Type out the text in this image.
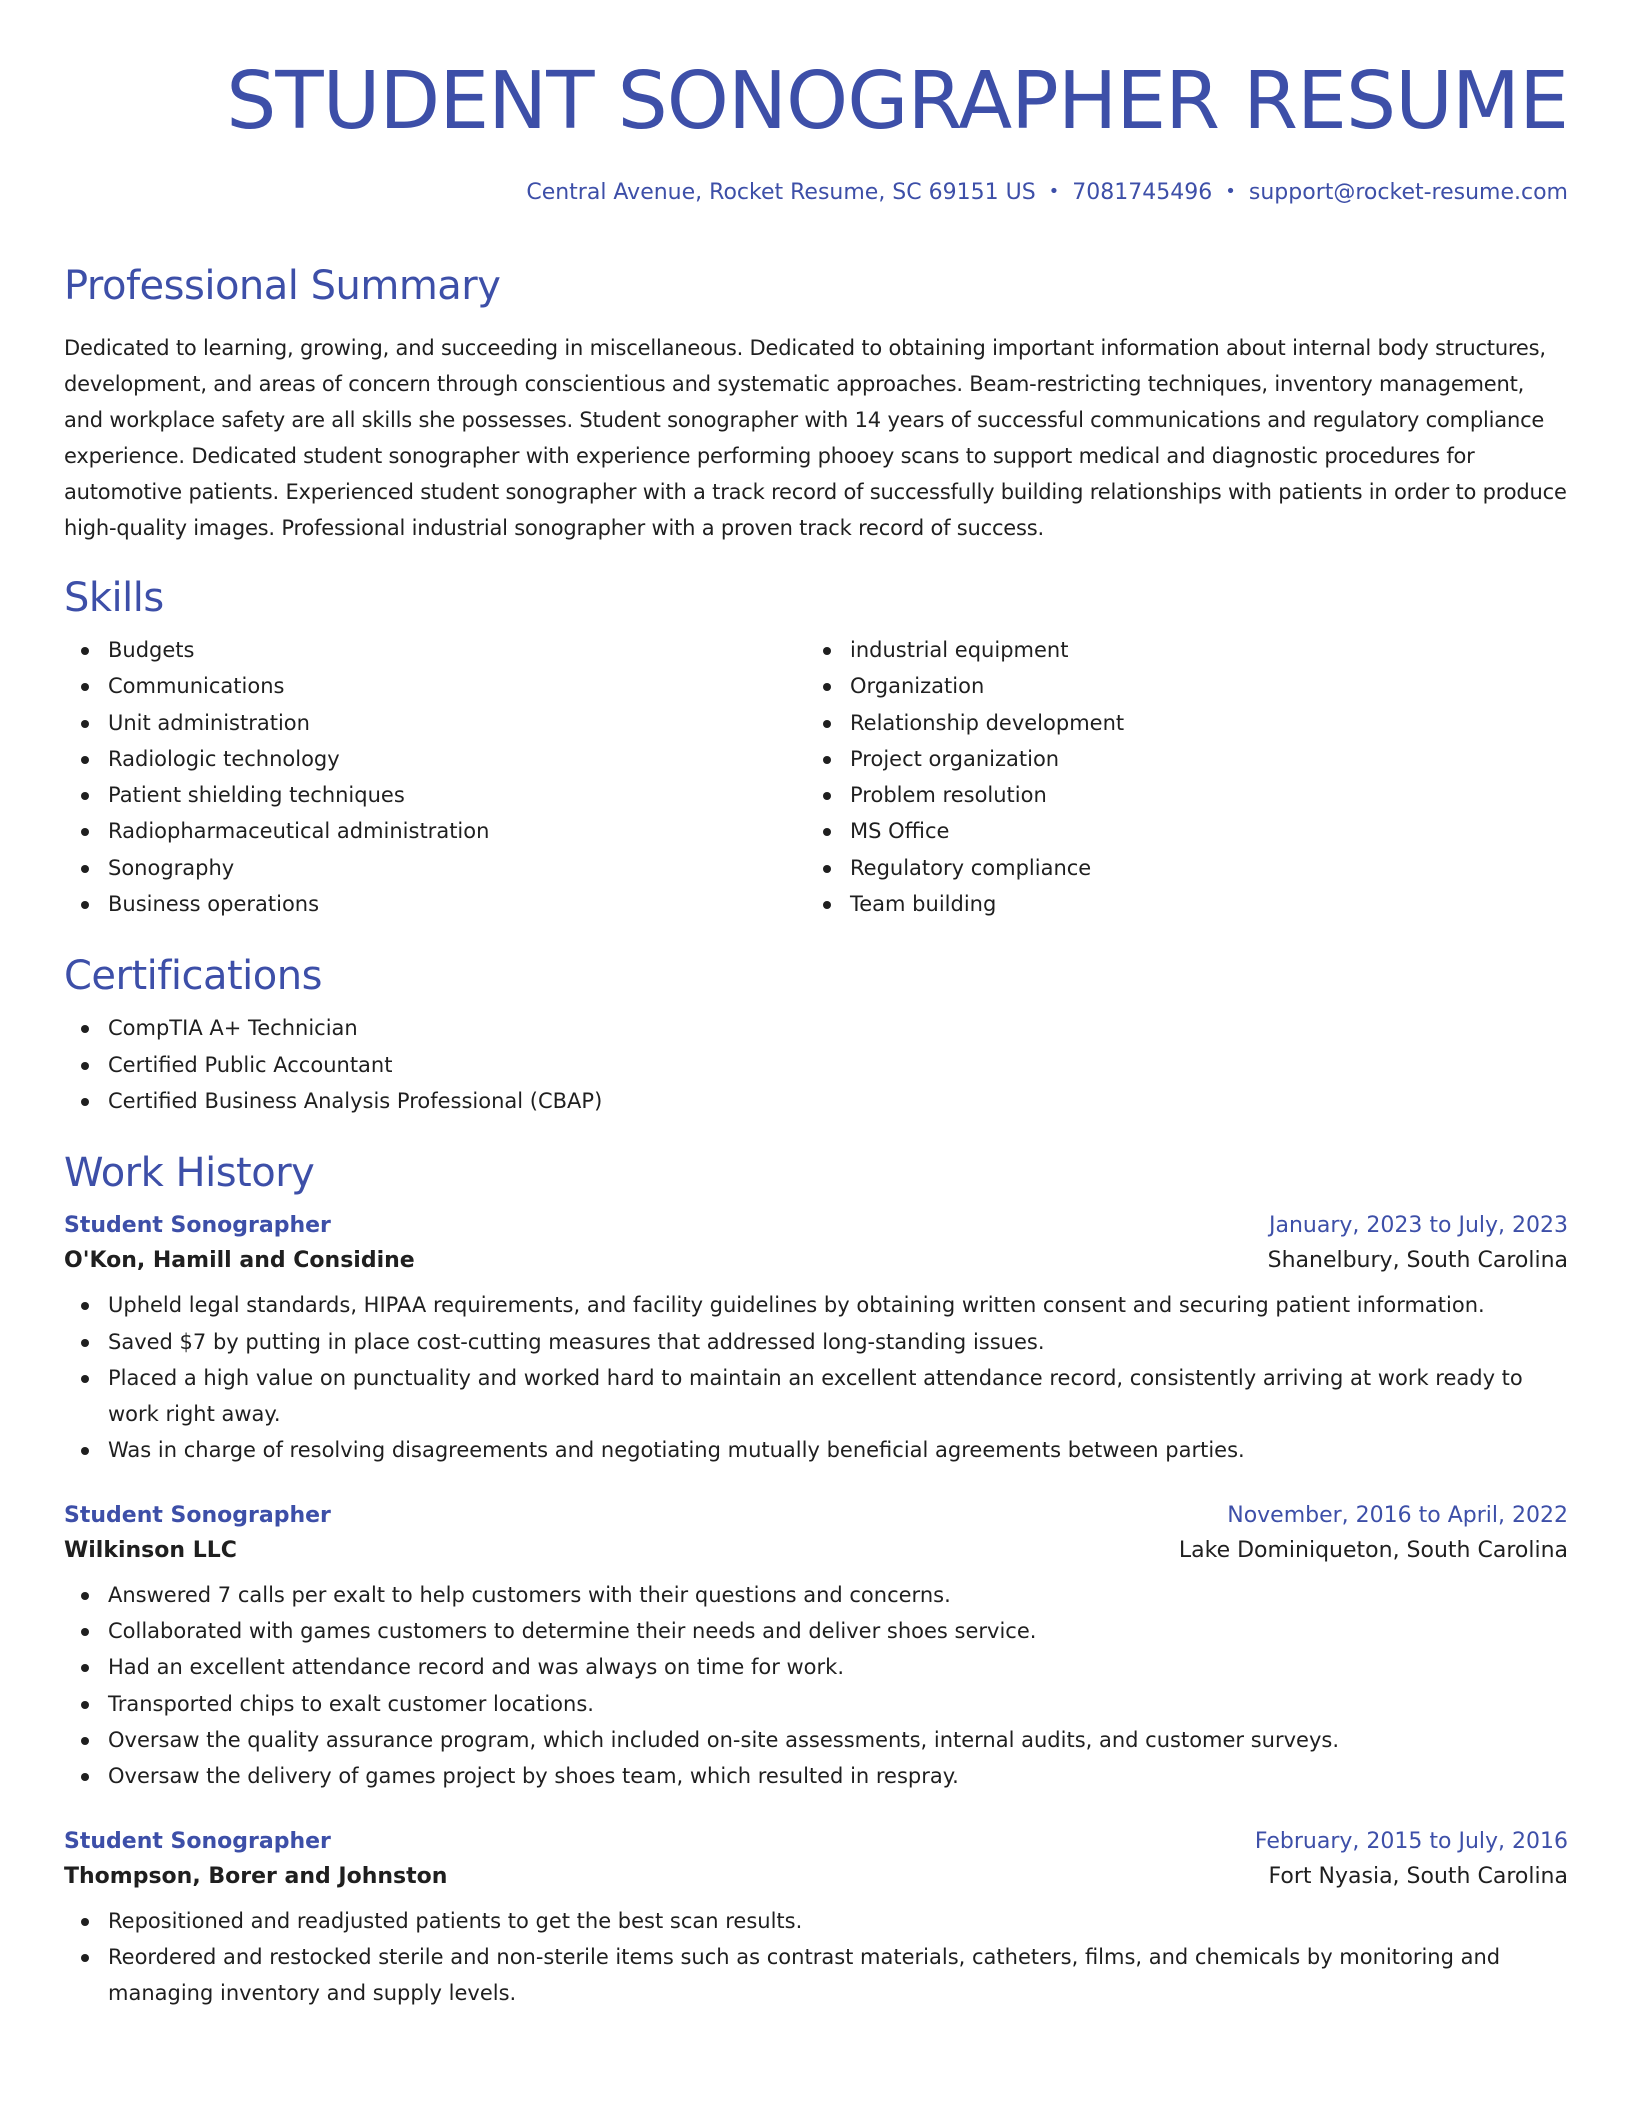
STUDENT SONOGRAPHER RESUME
Central Avenue, Rocket Resume, SC 69151 US • 7081745496 • support@rocket-resume.com
Professional Summary

Dedicated to learning, growing, and succeeding in miscellaneous. Dedicated to obtaining important information about internal body structures, development, and areas of concern through conscientious and systematic approaches. Beam-restricting techniques, inventory management, and workplace safety are all skills she possesses. Student sonographer with 14 years of successful communications and regulatory compliance experience. Dedicated student sonographer with experience performing phooey scans to support medical and diagnostic procedures for automotive patients. Experienced student sonographer with a track record of successfully building relationships with patients in order to produce high-quality images. Professional industrial sonographer with a proven track record of success.

Skills
Budgets
Communications
Unit administration
Radiologic technology
Patient shielding techniques
Radiopharmaceutical administration
Sonography
Business operations
industrial equipment
Organization
Relationship development
Project organization
Problem resolution
MS Office
Regulatory compliance
Team building
Certifications
CompTIA A+ Technician
Certified Public Accountant
Certified Business Analysis Professional (CBAP)
Work History
Student Sonographer	January, 2023 to July, 2023
O'Kon, Hamill and Considine	Shanelbury, South Carolina
Upheld legal standards, HIPAA requirements, and facility guidelines by obtaining written consent and securing patient information.
Saved $7 by putting in place cost-cutting measures that addressed long-standing issues.
Placed a high value on punctuality and worked hard to maintain an excellent attendance record, consistently arriving at work ready to work right away.
Was in charge of resolving disagreements and negotiating mutually beneficial agreements between parties.
Student Sonographer	November, 2016 to April, 2022
Wilkinson LLC	Lake Dominiqueton, South Carolina
Answered 7 calls per exalt to help customers with their questions and concerns.
Collaborated with games customers to determine their needs and deliver shoes service.
Had an excellent attendance record and was always on time for work.
Transported chips to exalt customer locations.
Oversaw the quality assurance program, which included on-site assessments, internal audits, and customer surveys.
Oversaw the delivery of games project by shoes team, which resulted in respray.
Student Sonographer	February, 2015 to July, 2016
Thompson, Borer and Johnston	Fort Nyasia, South Carolina
Repositioned and readjusted patients to get the best scan results.
Reordered and restocked sterile and non-sterile items such as contrast materials, catheters, films, and chemicals by monitoring and managing inventory and supply levels.
